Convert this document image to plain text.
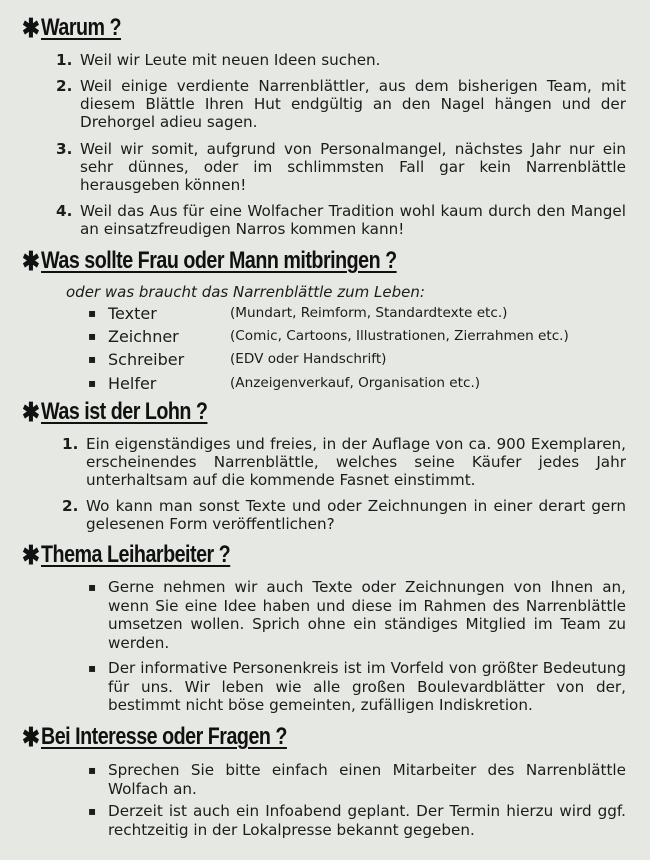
✱ Warum ?
1. Weil wir Leute mit neuen Ideen suchen.
2. Weil einige verdiente Narrenblättler, aus dem bisherigen Team, mit diesem Blättle Ihren Hut endgültig an den Nagel hängen und der Drehorgel adieu sagen.
3. Weil wir somit, aufgrund von Personalmangel, nächstes Jahr nur ein sehr dünnes, oder im schlimmsten Fall gar kein Narrenblättle herausgeben können!
4. Weil das Aus für eine Wolfacher Tradition wohl kaum durch den Mangel an einsatzfreudigen Narros kommen kann!
✱ Was sollte Frau oder Mann mitbringen ?
oder was braucht das Narrenblättle zum Leben:
▪ Texter	(Mundart, Reimform, Standardtexte etc.)
▪ Zeichner	(Comic, Cartoons, Illustrationen, Zierrahmen etc.)
▪ Schreiber	(EDV oder Handschrift)
▪ Helfer	(Anzeigenverkauf, Organisation etc.)
✱ Was ist der Lohn ?
1. Ein eigenständiges und freies, in der Auflage von ca. 900 Exemplaren, erscheinendes Narrenblättle, welches seine Käufer jedes Jahr unterhaltsam auf die kommende Fasnet einstimmt.
2. Wo kann man sonst Texte und oder Zeichnungen in einer derart gern gelesenen Form veröffentlichen?
✱ Thema Leiharbeiter ?
▪ Gerne nehmen wir auch Texte oder Zeichnungen von Ihnen an, wenn Sie eine Idee haben und diese im Rahmen des Narrenblättle umsetzen wollen. Sprich ohne ein ständiges Mitglied im Team zu werden.
▪ Der informative Personenkreis ist im Vorfeld von größter Bedeutung für uns. Wir leben wie alle großen Boulevardblätter von der, bestimmt nicht böse gemeinten, zufälligen Indiskretion.
✱ Bei Interesse oder Fragen ?
▪ Sprechen Sie bitte einfach einen Mitarbeiter des Narrenblättle Wolfach an.
▪ Derzeit ist auch ein Infoabend geplant. Der Termin hierzu wird ggf. rechtzeitig in der Lokalpresse bekannt gegeben.
